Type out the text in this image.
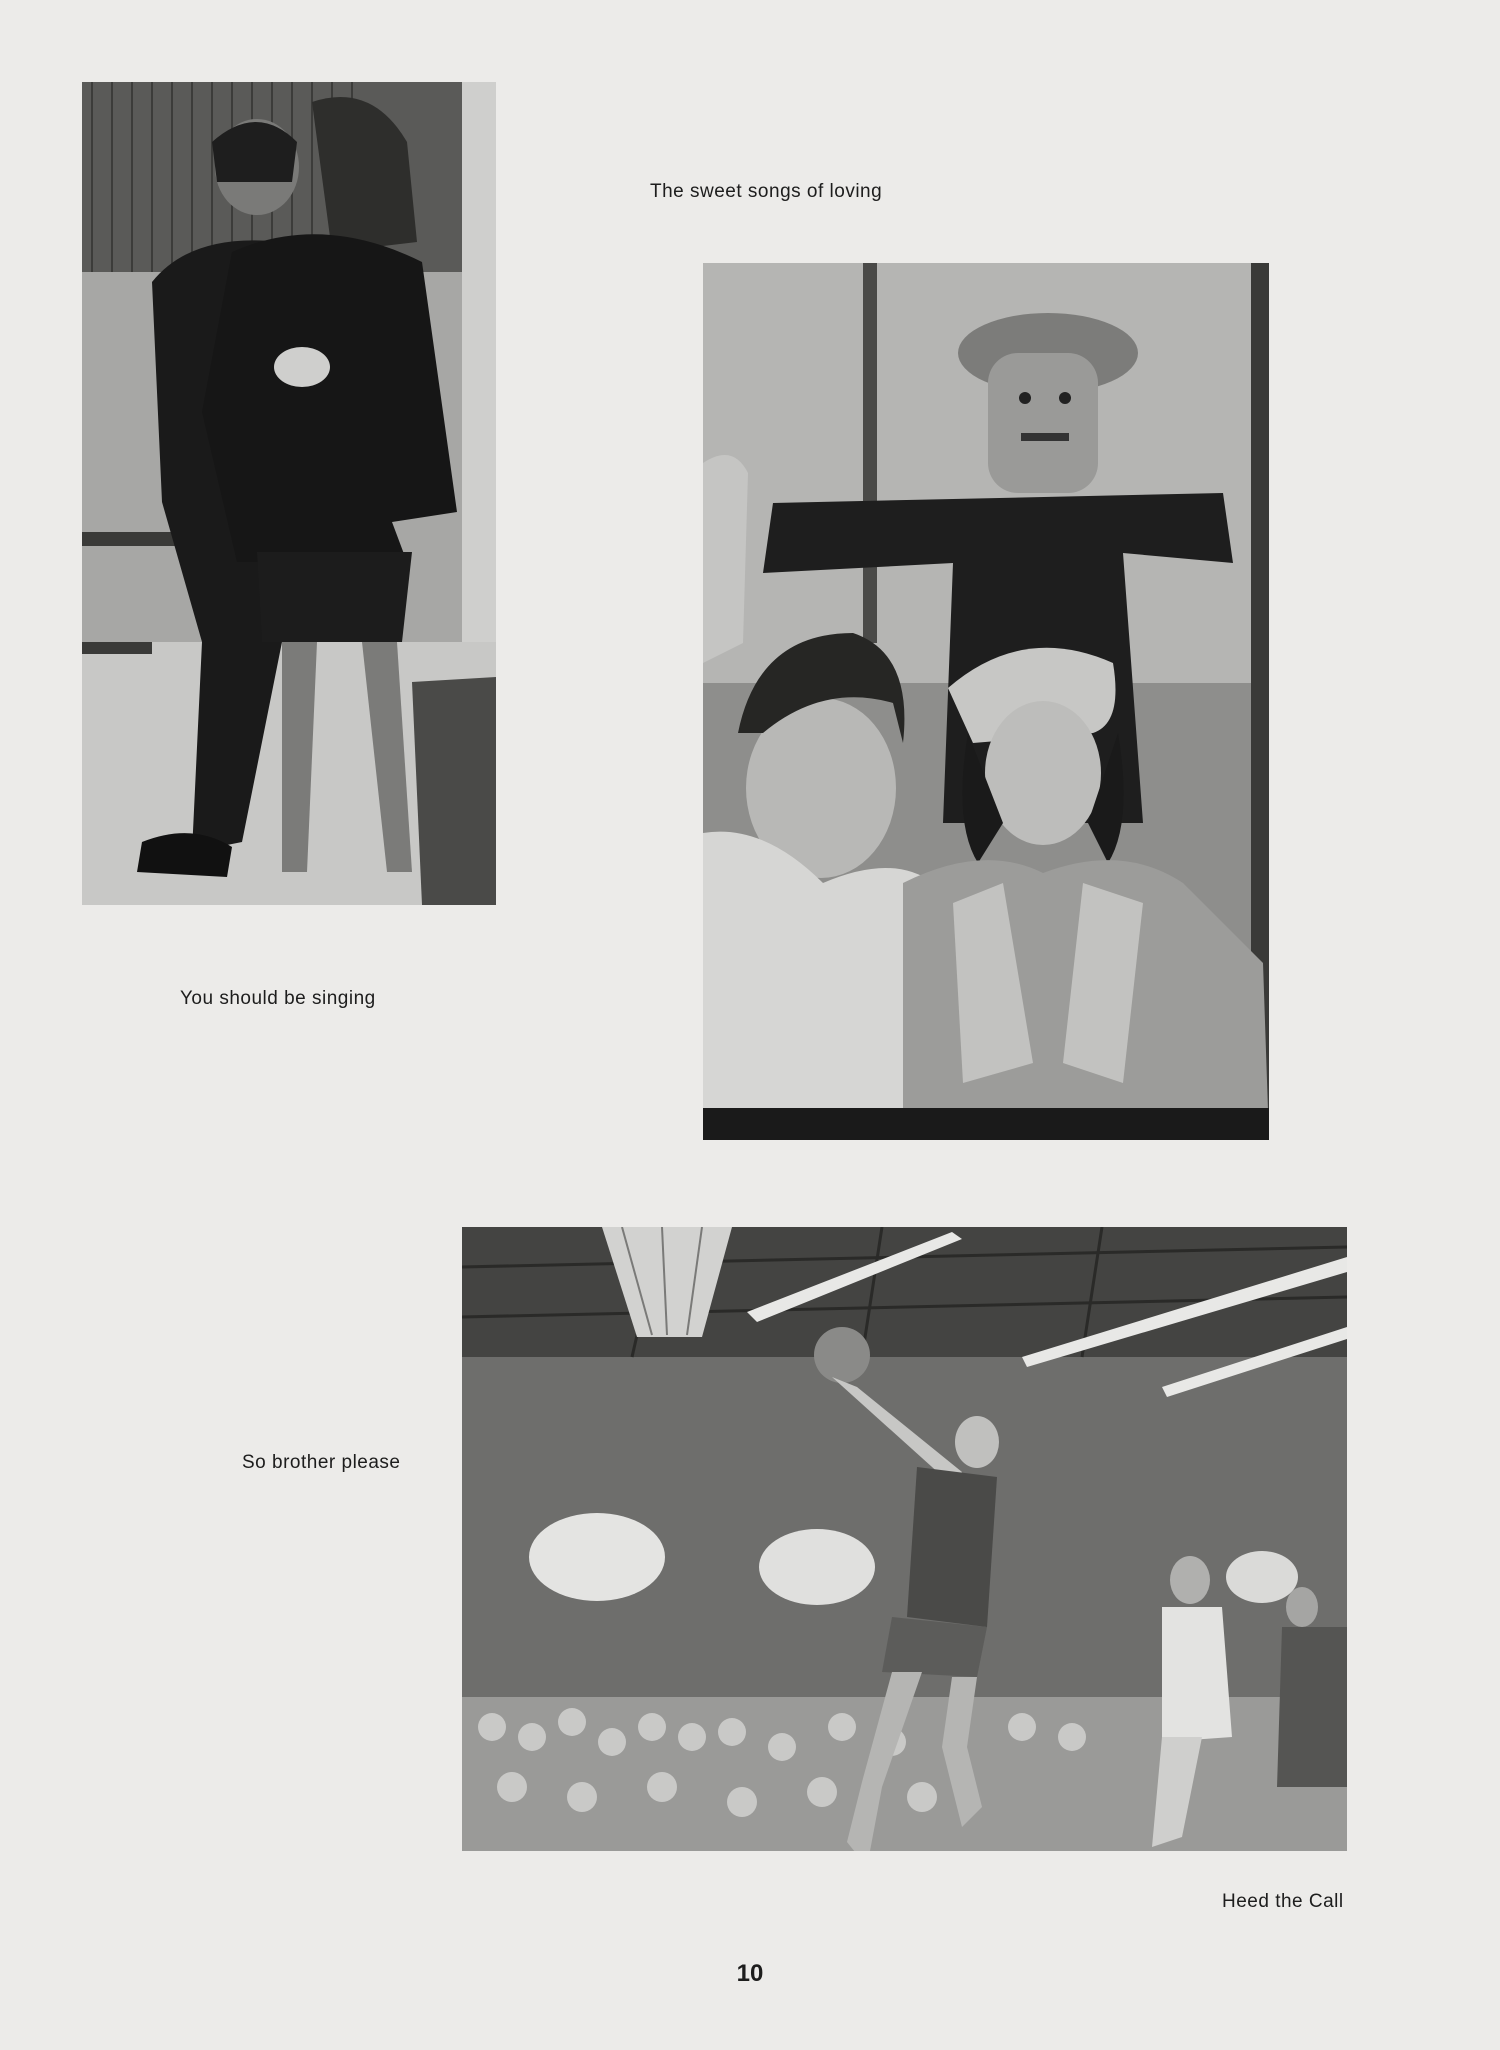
The sweet songs of loving
You should be singing
So brother please
Heed the Call
10
